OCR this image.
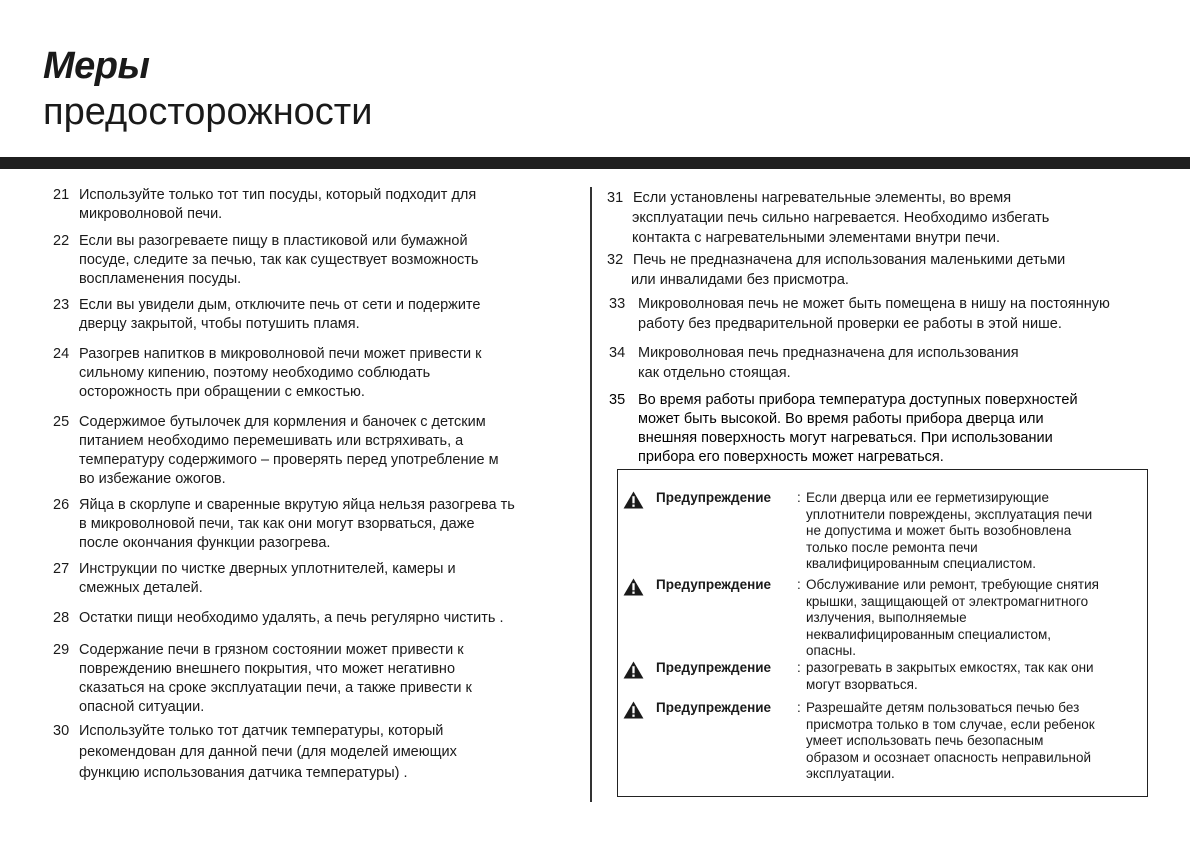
Меры
предосторожности
21 Используйте только тот тип посуды, который подходит для
микроволновой печи.
22 Если вы разогреваете пищу в пластиковой или бумажной
посуде, следите за печью, так как существует возможность
воспламенения посуды.
23 Если вы увидели дым, отключите печь от сети и подержите
дверцу закрытой, чтобы потушить пламя.
24 Разогрев напитков в микроволновой печи может привести к
сильному кипению, поэтому необходимо соблюдать
осторожность при обращении с емкостью.
25 Содержимое бутылочек для кормления и баночек с детским
питанием необходимо перемешивать или встряхивать, а
температуру содержимого – проверять перед употребление м
во избежание ожогов.
26 Яйца в скорлупе и сваренные вкрутую яйца нельзя разогрева ть
в микроволновой печи, так как они могут взорваться, даже
после окончания функции разогрева.
27 Инструкции по чистке дверных уплотнителей, камеры и
смежных деталей.
28 Остатки пищи необходимо удалять, а печь регулярно чистить .
29 Содержание печи в грязном состоянии может привести к
повреждению внешнего покрытия, что может негативно
сказаться на сроке эксплуатации печи, а также привести к
опасной ситуации.
30 Используйте только тот датчик температуры, который
рекомендован для данной печи (для моделей имеющих
функцию использования датчика температуры) .
31 Если установлены нагревательные элементы, во время
эксплуатации печь сильно нагревается. Необходимо избегать
контакта с нагревательными элементами внутри печи.
32 Печь не предназначена для использования маленькими детьми
или инвалидами без присмотра.
33 Микроволновая печь не может быть помещена в нишу на постоянную
работу без предварительной проверки ее работы в этой нише.
34 Микроволновая печь предназначена для использования
как отдельно стоящая.
35 Во время работы прибора температура доступных поверхностей
может быть высокой. Во время работы прибора дверца или
внешняя поверхность могут нагреваться. При использовании
прибора его поверхность может нагреваться.
Предупреждение : Если дверца или ее герметизирующие
уплотнители повреждены, эксплуатация печи
не допустима и может быть возобновлена
только после ремонта печи
квалифицированным специалистом.
Предупреждение : Обслуживание или ремонт, требующие снятия
крышки, защищающей от электромагнитного
излучения, выполняемые
неквалифицированным специалистом,
опасны.
Предупреждение : разогревать в закрытых емкостях, так как они
могут взорваться.
Предупреждение : Разрешайте детям пользоваться печью без
присмотра только в том случае, если ребенок
умеет использовать печь безопасным
образом и осознает опасность неправильной
эксплуатации.
